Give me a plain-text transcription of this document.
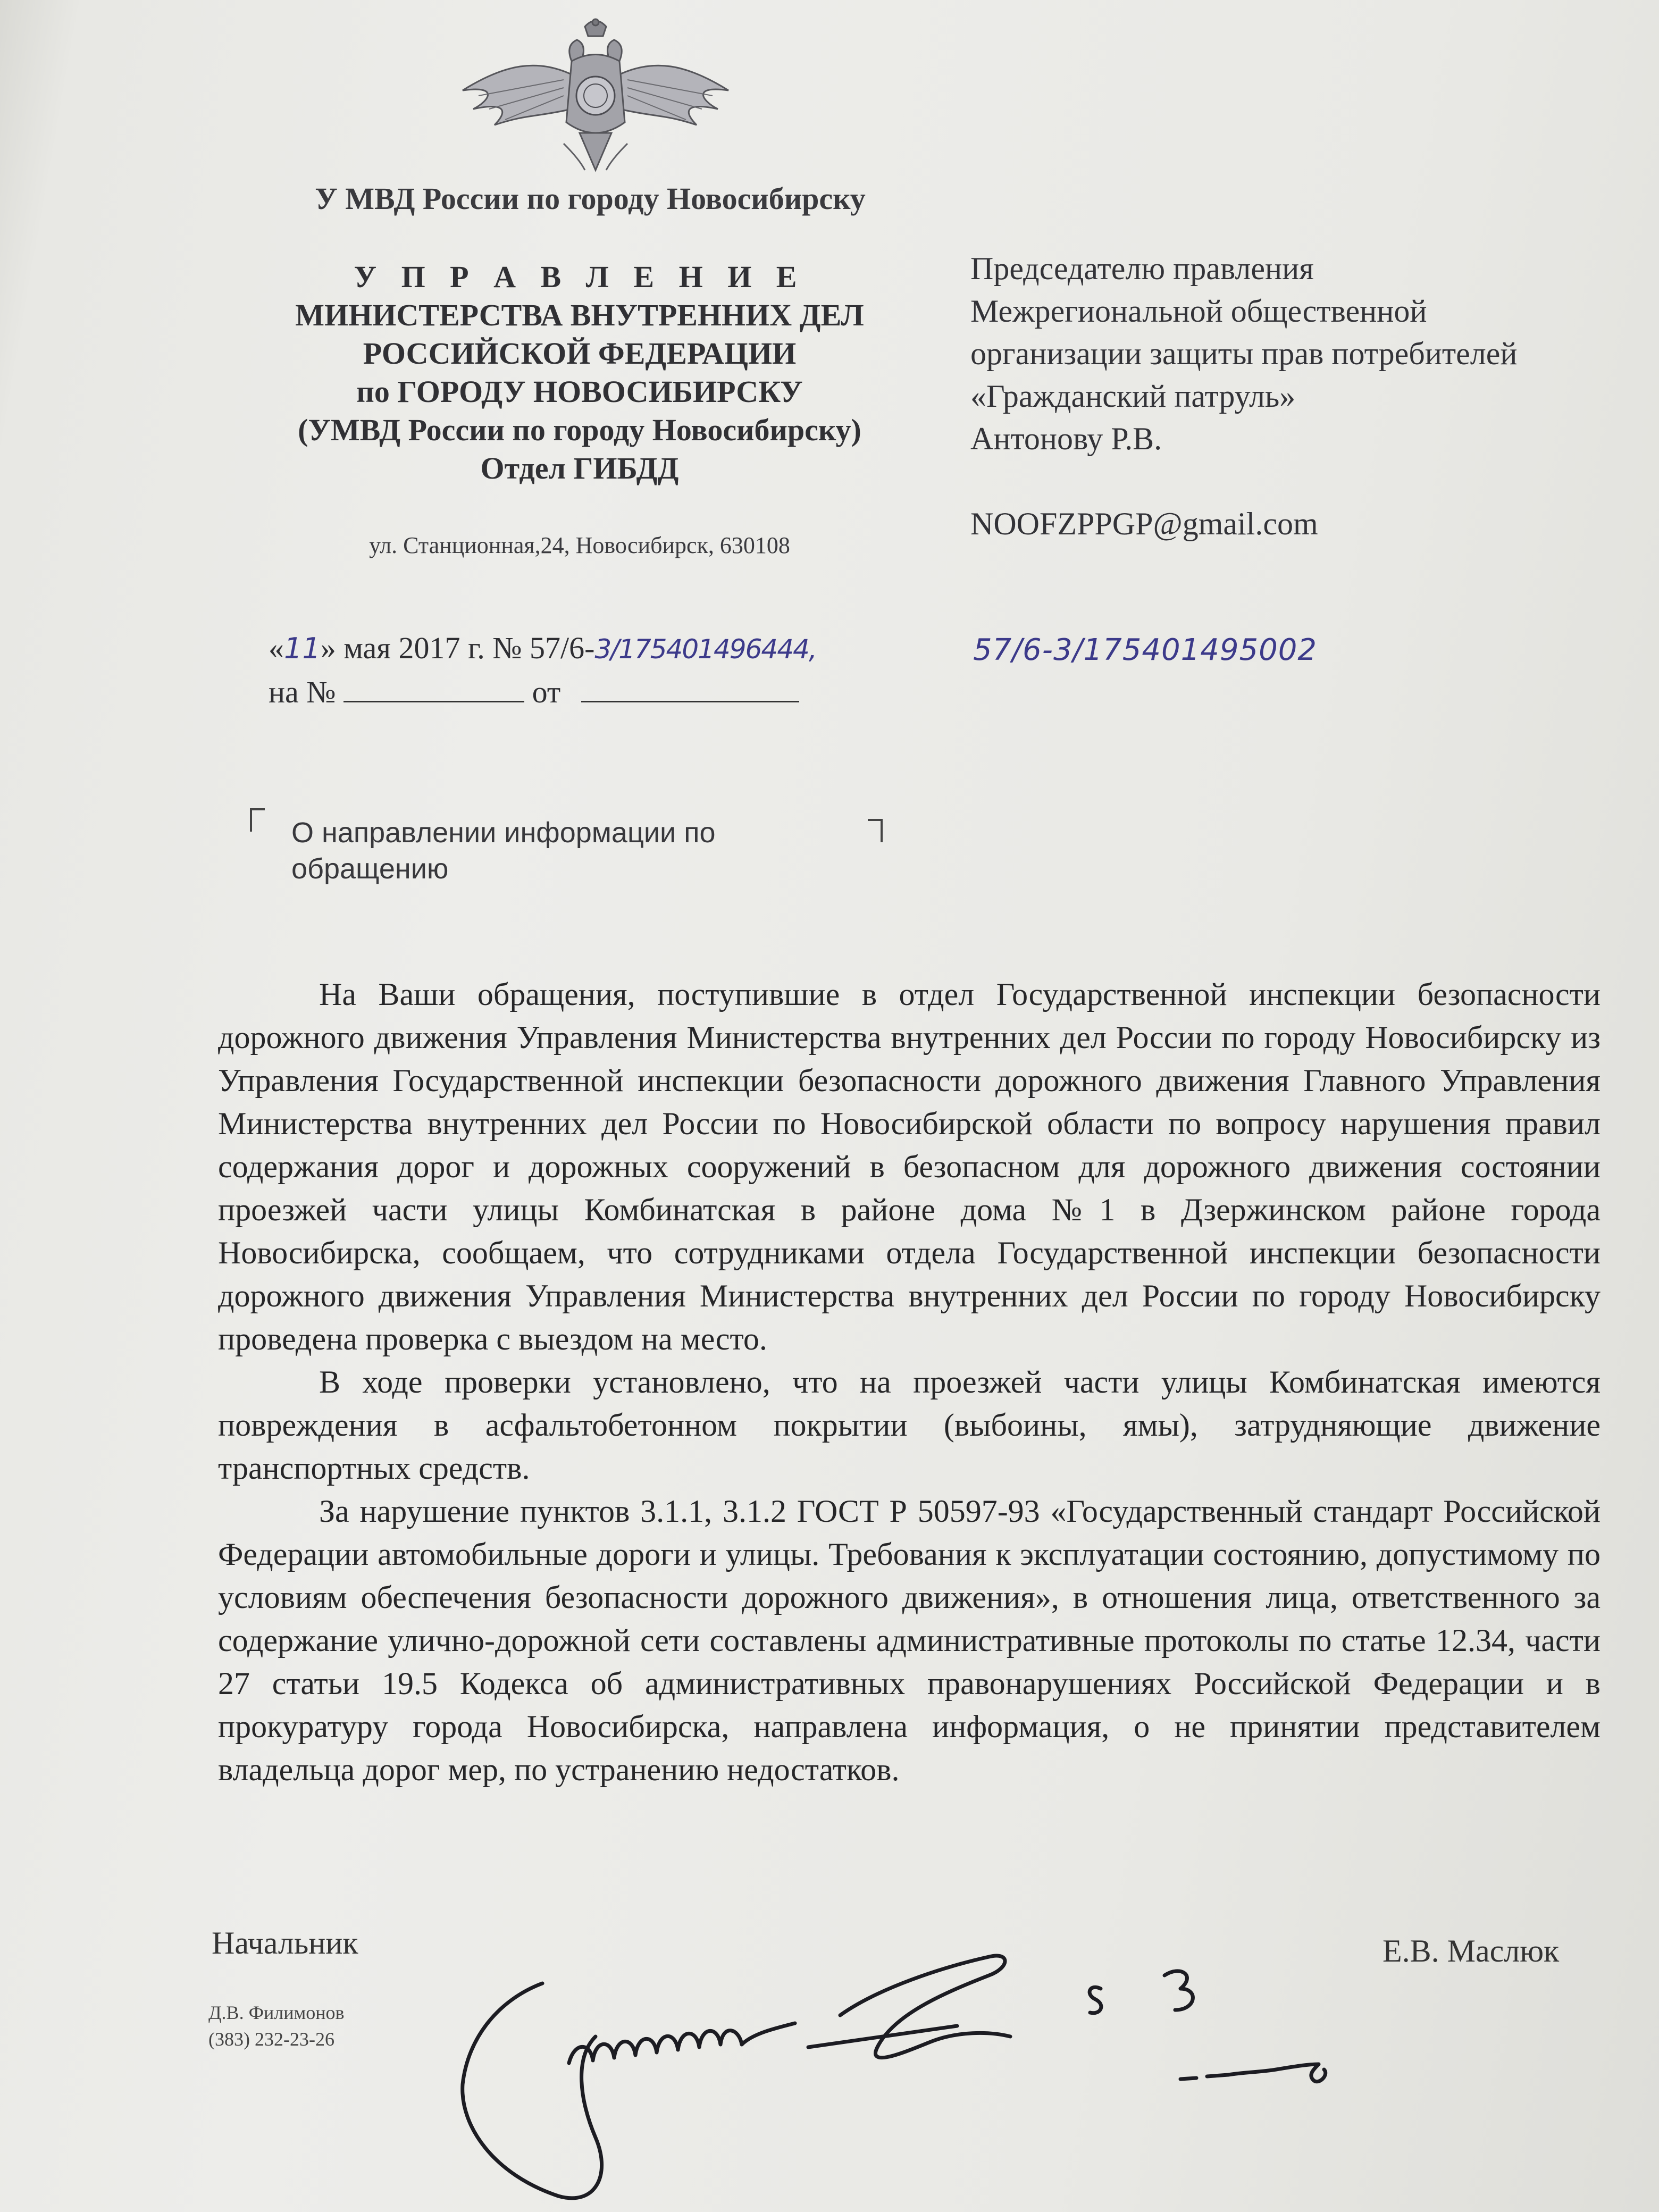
У МВД России по городу Новосибирску
У П Р А В Л Е Н И Е
МИНИСТЕРСТВА ВНУТРЕННИХ ДЕЛ
РОССИЙСКОЙ ФЕДЕРАЦИИ
по ГОРОДУ НОВОСИБИРСКУ
(УМВД России по городу Новосибирску)
Отдел ГИБДД
ул. Станционная,24, Новосибирск, 630108
Председателю правления
Межрегиональной общественной
организации защиты прав потребителей
«Гражданский патруль»
Антонову Р.В.
NOOFZPPGP@gmail.com
«11» мая 2017 г. № 57/6-3/175401496444,	57/6-3/175401495002
на №	от
О направлении информации по
обращению

На Ваши обращения, поступившие в отдел Государственной инспекции безопасности дорожного движения Управления Министерства внутренних дел России по городу Новосибирску из Управления Государственной инспекции безопасности дорожного движения Главного Управления Министерства внутренних дел России по Новосибирской области по вопросу нарушения правил содержания дорог и дорожных сооружений в безопасном для дорожного движения состоянии проезжей части улицы Комбинатская в районе дома №1 в Дзержинском районе города Новосибирска, сообщаем, что сотрудниками отдела Государственной инспекции безопасности дорожного движения Управления Министерства внутренних дел России по городу Новосибирску проведена проверка с выездом на место.

В ходе проверки установлено, что на проезжей части улицы Комбинатская имеются повреждения в асфальтобетонном покрытии (выбоины, ямы), затрудняющие движение транспортных средств.

За нарушение пунктов 3.1.1, 3.1.2 ГОСТ Р 50597-93 «Государственный стандарт Российской Федерации автомобильные дороги и улицы. Требования к эксплуатации состоянию, допустимому по условиям обеспечения безопасности дорожного движения», в отношения лица, ответственного за содержание улично-дорожной сети составлены административные протоколы по статье 12.34, части 27 статьи 19.5 Кодекса об административных правонарушениях Российской Федерации и в прокуратуру города Новосибирска, направлена информация, о не принятии представителем владельца дорог мер, по устранению недостатков.

Начальник	Е.В. Маслюк
Д.В. Филимонов
(383) 232-23-26
